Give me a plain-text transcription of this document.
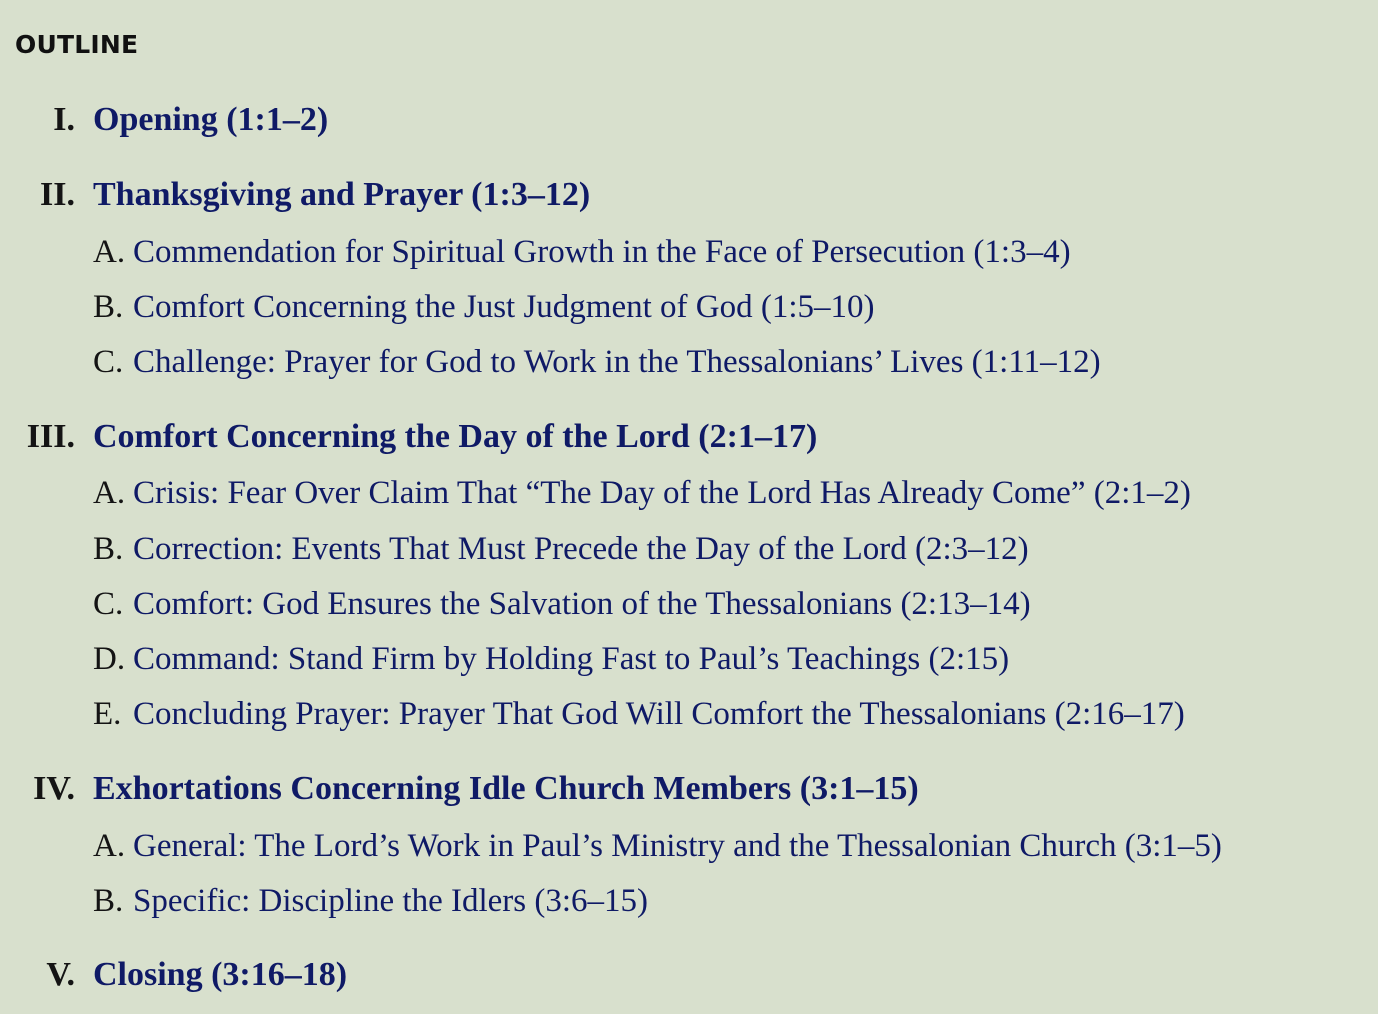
OUTLINE
I. Opening (1:1–2)
II. Thanksgiving and Prayer (1:3–12)
A. Commendation for Spiritual Growth in the Face of Persecution (1:3–4)
B. Comfort Concerning the Just Judgment of God (1:5–10)
C. Challenge: Prayer for God to Work in the Thessalonians’ Lives (1:11–12)
III. Comfort Concerning the Day of the Lord (2:1–17)
A. Crisis: Fear Over Claim That “The Day of the Lord Has Already Come” (2:1–2)
B. Correction: Events That Must Precede the Day of the Lord (2:3–12)
C. Comfort: God Ensures the Salvation of the Thessalonians (2:13–14)
D. Command: Stand Firm by Holding Fast to Paul’s Teachings (2:15)
E. Concluding Prayer: Prayer That God Will Comfort the Thessalonians (2:16–17)
IV. Exhortations Concerning Idle Church Members (3:1–15)
A. General: The Lord’s Work in Paul’s Ministry and the Thessalonian Church (3:1–5)
B. Specific: Discipline the Idlers (3:6–15)
V. Closing (3:16–18)
